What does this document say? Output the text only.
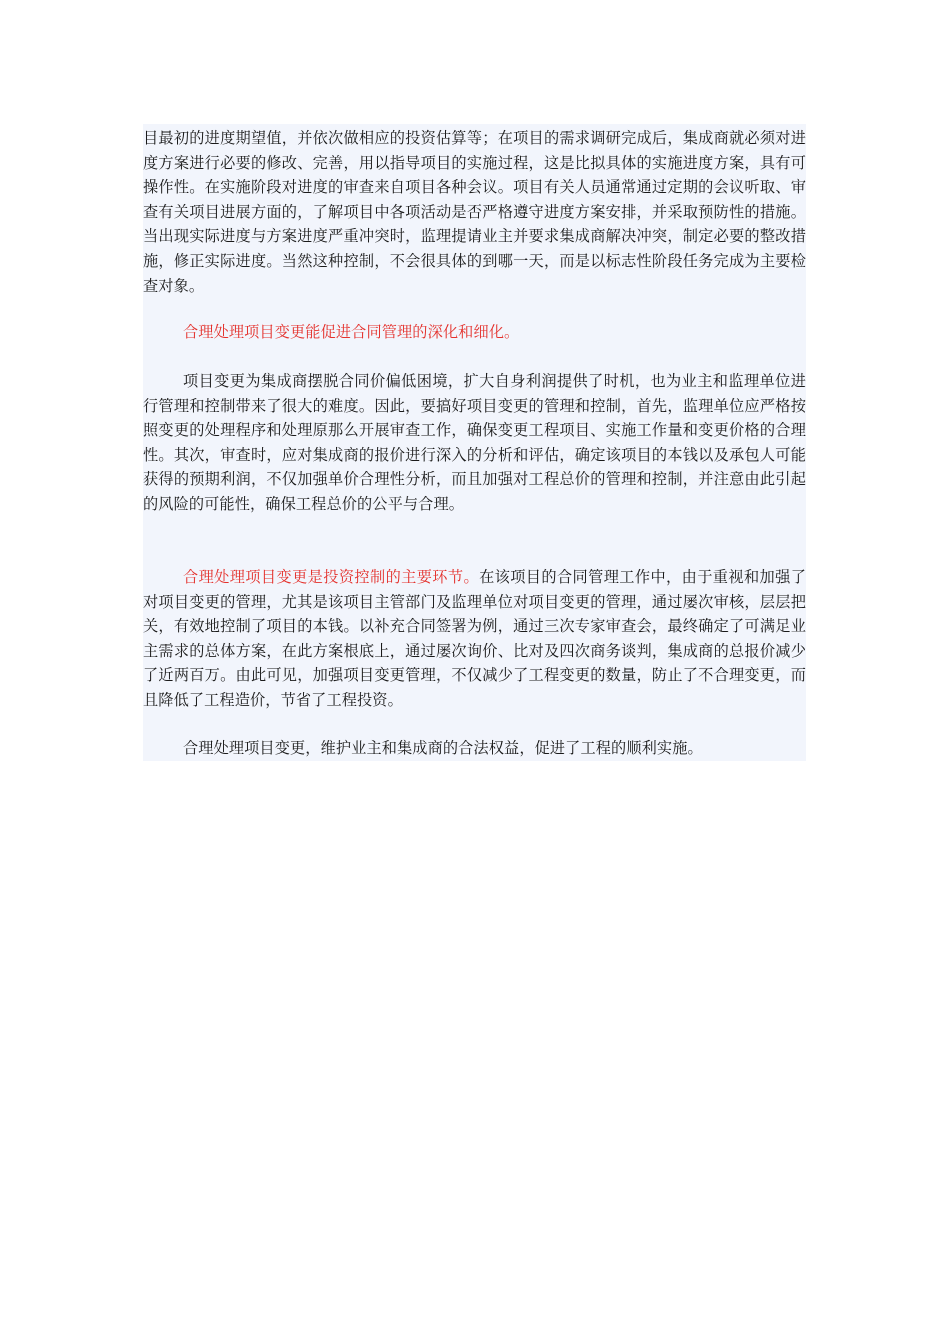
目最初的进度期望值，并依次做相应的投资估算等；在项目的需求调研完成后，集成商就必须对进度方案进行必要的修改、完善，用以指导项目的实施过程，这是比拟具体的实施进度方案，具有可操作性。在实施阶段对进度的审查来自项目各种会议。项目有关人员通常通过定期的会议听取、审查有关项目进展方面的，了解项目中各项活动是否严格遵守进度方案安排，并采取预防性的措施。当出现实际进度与方案进度严重冲突时，监理提请业主并要求集成商解决冲突，制定必要的整改措施，修正实际进度。当然这种控制，不会很具体的到哪一天，而是以标志性阶段任务完成为主要检查对象。

合理处理项目变更能促进合同管理的深化和细化。

项目变更为集成商摆脱合同价偏低困境，扩大自身利润提供了时机，也为业主和监理单位进行管理和控制带来了很大的难度。因此，要搞好项目变更的管理和控制，首先，监理单位应严格按照变更的处理程序和处理原那么开展审查工作，确保变更工程项目、实施工作量和变更价格的合理性。其次，审查时，应对集成商的报价进行深入的分析和评估，确定该项目的本钱以及承包人可能获得的预期利润，不仅加强单价合理性分析，而且加强对工程总价的管理和控制，并注意由此引起的风险的可能性，确保工程总价的公平与合理。

合理处理项目变更是投资控制的主要环节。在该项目的合同管理工作中，由于重视和加强了对项目变更的管理，尤其是该项目主管部门及监理单位对项目变更的管理，通过屡次审核，层层把关，有效地控制了项目的本钱。以补充合同签署为例，通过三次专家审查会，最终确定了可满足业主需求的总体方案，在此方案根底上，通过屡次询价、比对及四次商务谈判，集成商的总报价减少了近两百万。由此可见，加强项目变更管理，不仅减少了工程变更的数量，防止了不合理变更，而且降低了工程造价，节省了工程投资。

合理处理项目变更，维护业主和集成商的合法权益，促进了工程的顺利实施。
